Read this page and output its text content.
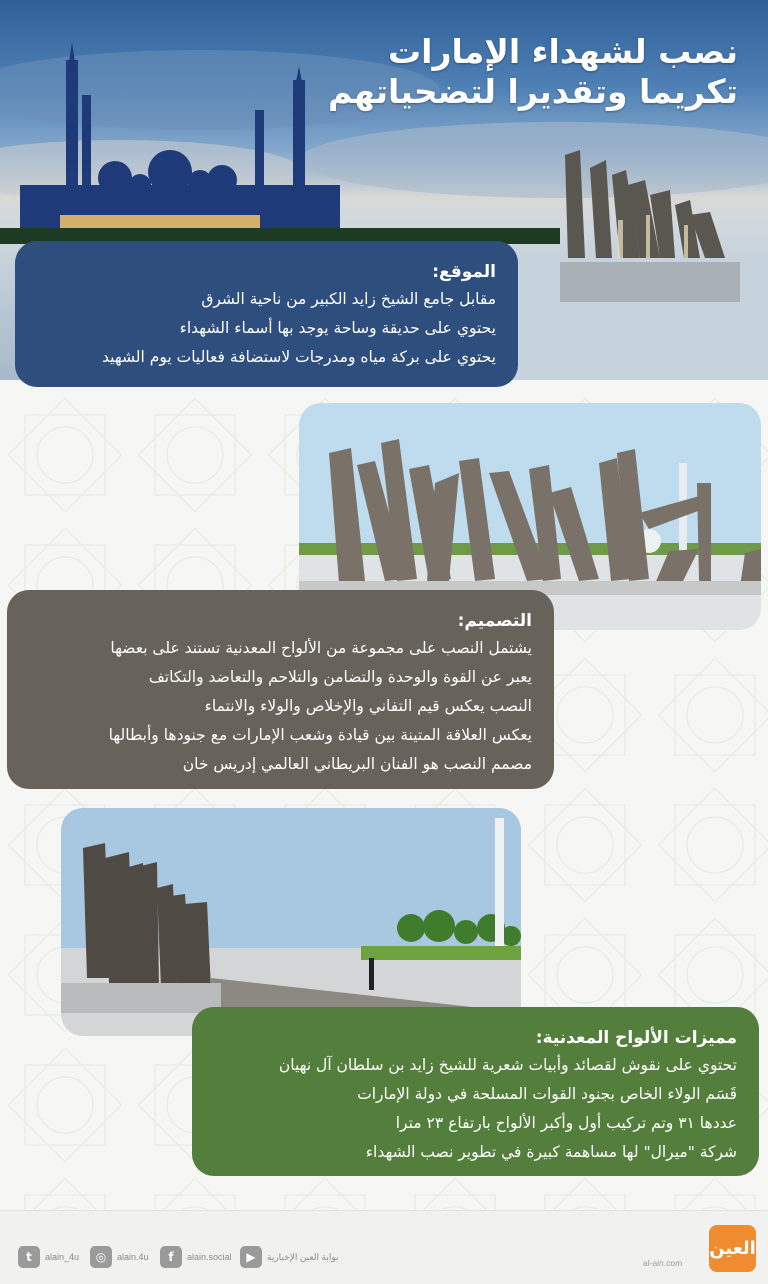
نصب لشهداء الإمارات
تكريما وتقديرا لتضحياتهم
الموقع:

مقابل جامع الشيخ زايد الكبير من ناحية الشرق

يحتوي على حديقة وساحة يوجد بها أسماء الشهداء

يحتوي على بركة مياه ومدرجات لاستضافة فعاليات يوم الشهيد

التصميم:

يشتمل النصب على مجموعة من الألواح المعدنية تستند على بعضها

يعبر عن القوة والوحدة والتضامن والتلاحم والتعاضد والتكاتف

النصب يعكس قيم التفاني والإخلاص والولاء والانتماء

يعكس العلاقة المتينة بين قيادة وشعب الإمارات مع جنودها وأبطالها

مصمم النصب هو الفنان البريطاني العالمي إدريس خان

مميزات الألواح المعدنية:

تحتوي على نقوش لقصائد وأبيات شعرية للشيخ زايد بن سلطان آل نهيان

قَسَم الولاء الخاص بجنود القوات المسلحة في دولة الإمارات

عددها ٣١ وتم تركيب أول وأكبر الألواح بارتفاع ٢٣ مترا

شركة "ميرال" لها مساهمة كبيرة في تطوير نصب الشهداء

t	alain_4u	◎	alain.4u	f	alain.social	▶	بوابة العين الإخبارية
al-ain.com
العين
